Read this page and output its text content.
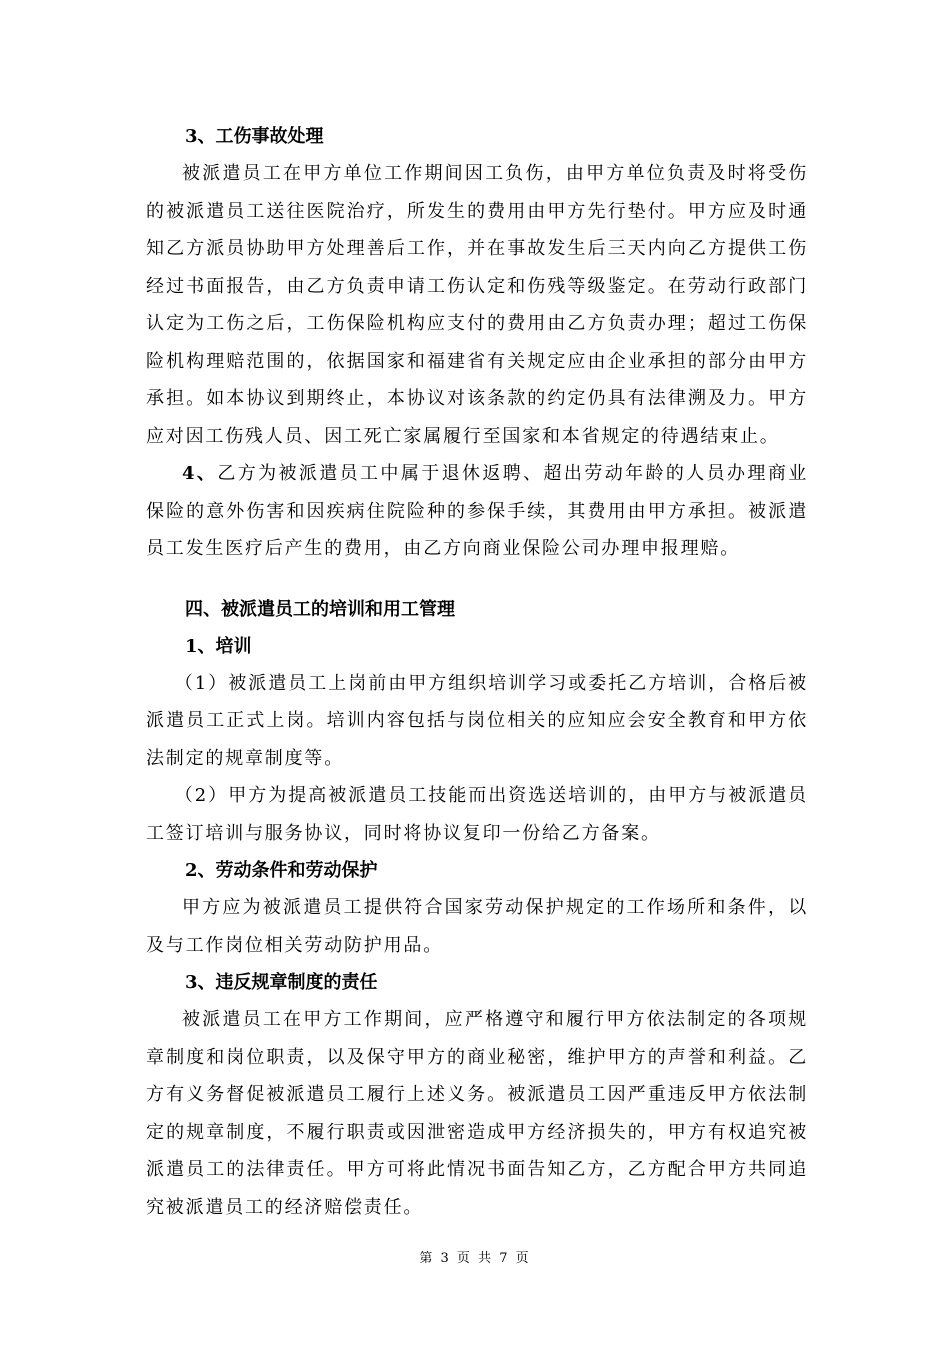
3、工伤事故处理

被派遣员工在甲方单位工作期间因工负伤，由甲方单位负责及时将受伤的被派遣员工送往医院治疗，所发生的费用由甲方先行垫付。甲方应及时通知乙方派员协助甲方处理善后工作，并在事故发生后三天内向乙方提供工伤经过书面报告，由乙方负责申请工伤认定和伤残等级鉴定。在劳动行政部门认定为工伤之后，工伤保险机构应支付的费用由乙方负责办理；超过工伤保险机构理赔范围的，依据国家和福建省有关规定应由企业承担的部分由甲方承担。如本协议到期终止，本协议对该条款的约定仍具有法律溯及力。甲方应对因工伤残人员、因工死亡家属履行至国家和本省规定的待遇结束止。

4、乙方为被派遣员工中属于退休返聘、超出劳动年龄的人员办理商业保险的意外伤害和因疾病住院险种的参保手续，其费用由甲方承担。被派遣员工发生医疗后产生的费用，由乙方向商业保险公司办理申报理赔。

四、被派遣员工的培训和用工管理

1、培训

（1）被派遣员工上岗前由甲方组织培训学习或委托乙方培训，合格后被派遣员工正式上岗。培训内容包括与岗位相关的应知应会安全教育和甲方依法制定的规章制度等。

（2）甲方为提高被派遣员工技能而出资选送培训的，由甲方与被派遣员工签订培训与服务协议，同时将协议复印一份给乙方备案。

2、劳动条件和劳动保护

甲方应为被派遣员工提供符合国家劳动保护规定的工作场所和条件，以及与工作岗位相关劳动防护用品。

3、违反规章制度的责任

被派遣员工在甲方工作期间，应严格遵守和履行甲方依法制定的各项规章制度和岗位职责，以及保守甲方的商业秘密，维护甲方的声誉和利益。乙方有义务督促被派遣员工履行上述义务。被派遣员工因严重违反甲方依法制定的规章制度，不履行职责或因泄密造成甲方经济损失的，甲方有权追究被派遣员工的法律责任。甲方可将此情况书面告知乙方，乙方配合甲方共同追究被派遣员工的经济赔偿责任。

第 3 页 共 7 页
